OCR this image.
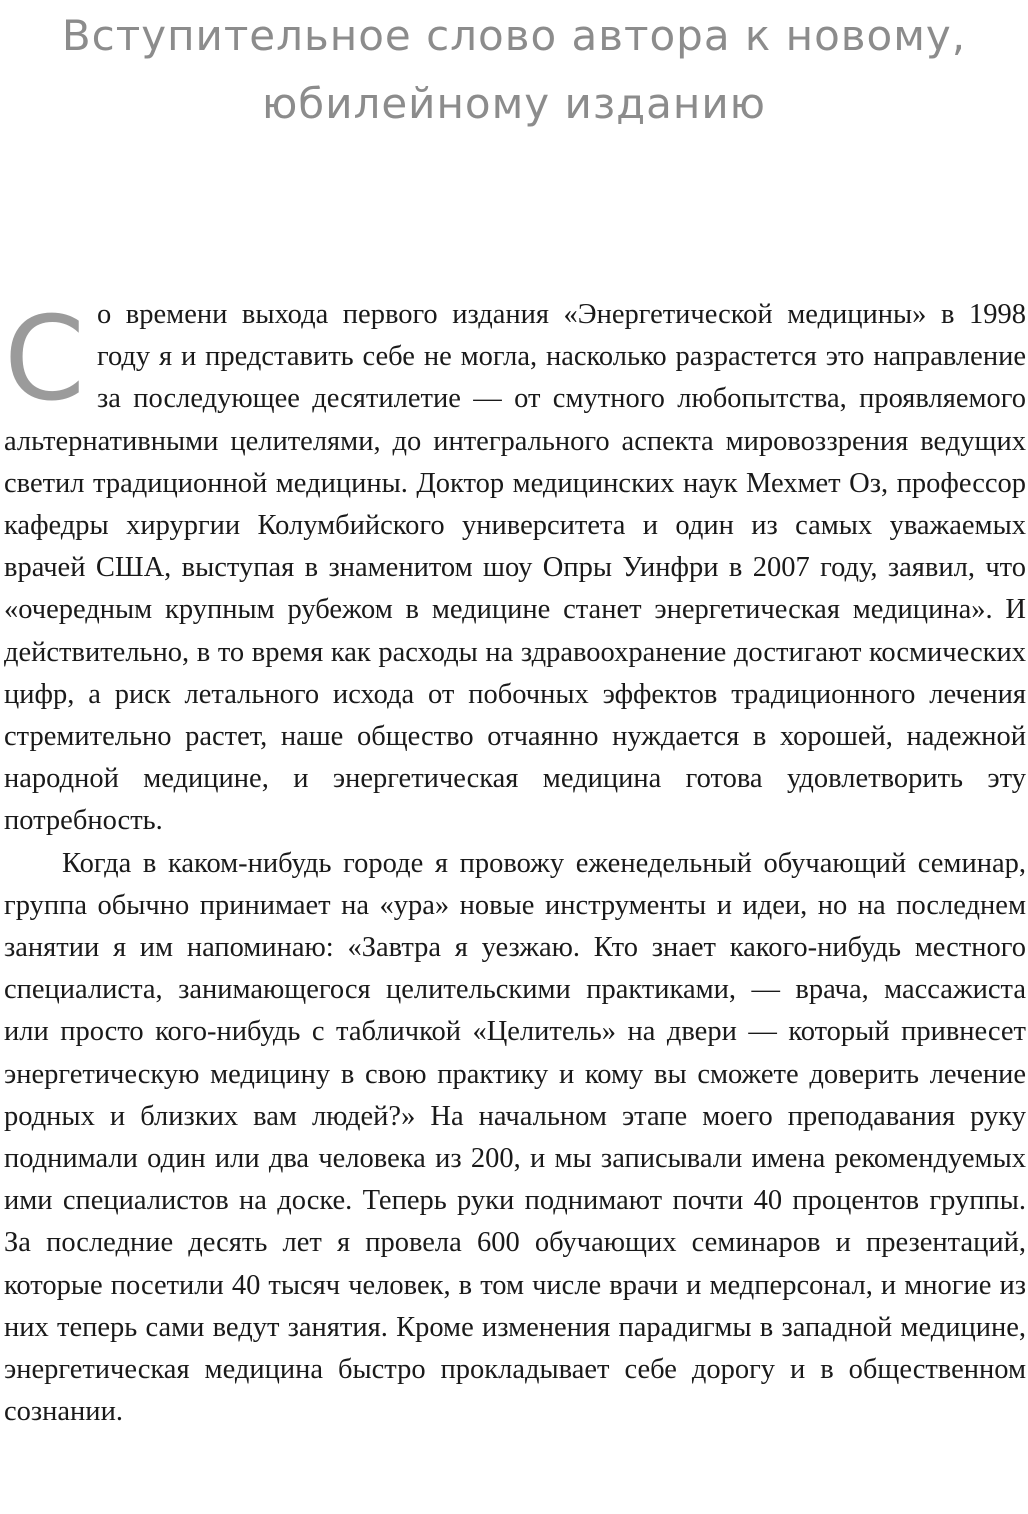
Вступительное слово автора к новому,
юбилейному изданию

Со времени выхода первого издания «Энергетической медицины» в 1998 году я и представить себе не могла, насколько разрастется это направление за последующее десятилетие — от смутного любопытства, проявляемого альтернативными целителями, до интегрального аспекта мировоззрения ведущих светил традиционной медицины. Доктор медицинских наук Мехмет Оз, профессор кафедры хирургии Колумбийского университета и один из самых уважаемых врачей США, выступая в знаменитом шоу Опры Уинфри в 2007 году, заявил, что «очередным крупным рубежом в медицине станет энергетическая медицина». И действительно, в то время как расходы на здравоохранение достигают космических цифр, а риск летального исхода от побочных эффектов традиционного лечения стремительно растет, наше общество отчаянно нуждается в хорошей, надежной народной медицине, и энергетическая медицина готова удовлетворить эту потребность.

Когда в каком-нибудь городе я провожу еженедельный обучающий семинар, группа обычно принимает на «ура» новые инструменты и идеи, но на последнем занятии я им напоминаю: «Завтра я уезжаю. Кто знает какого-нибудь местного специалиста, занимающегося целительскими практиками, — врача, массажиста или просто кого-нибудь с табличкой «Целитель» на двери — который привнесет энергетическую медицину в свою практику и кому вы сможете доверить лечение родных и близких вам людей?» На начальном этапе моего преподавания руку поднимали один или два человека из 200, и мы записывали имена рекомендуемых ими специалистов на доске. Теперь руки поднимают почти 40 процентов группы. За последние десять лет я провела 600 обучающих семинаров и презентаций, которые посетили 40 тысяч человек, в том числе врачи и медперсонал, и многие из них теперь сами ведут занятия. Кроме изменения парадигмы в западной медицине, энергетическая медицина быстро прокладывает себе дорогу и в общественном сознании.
